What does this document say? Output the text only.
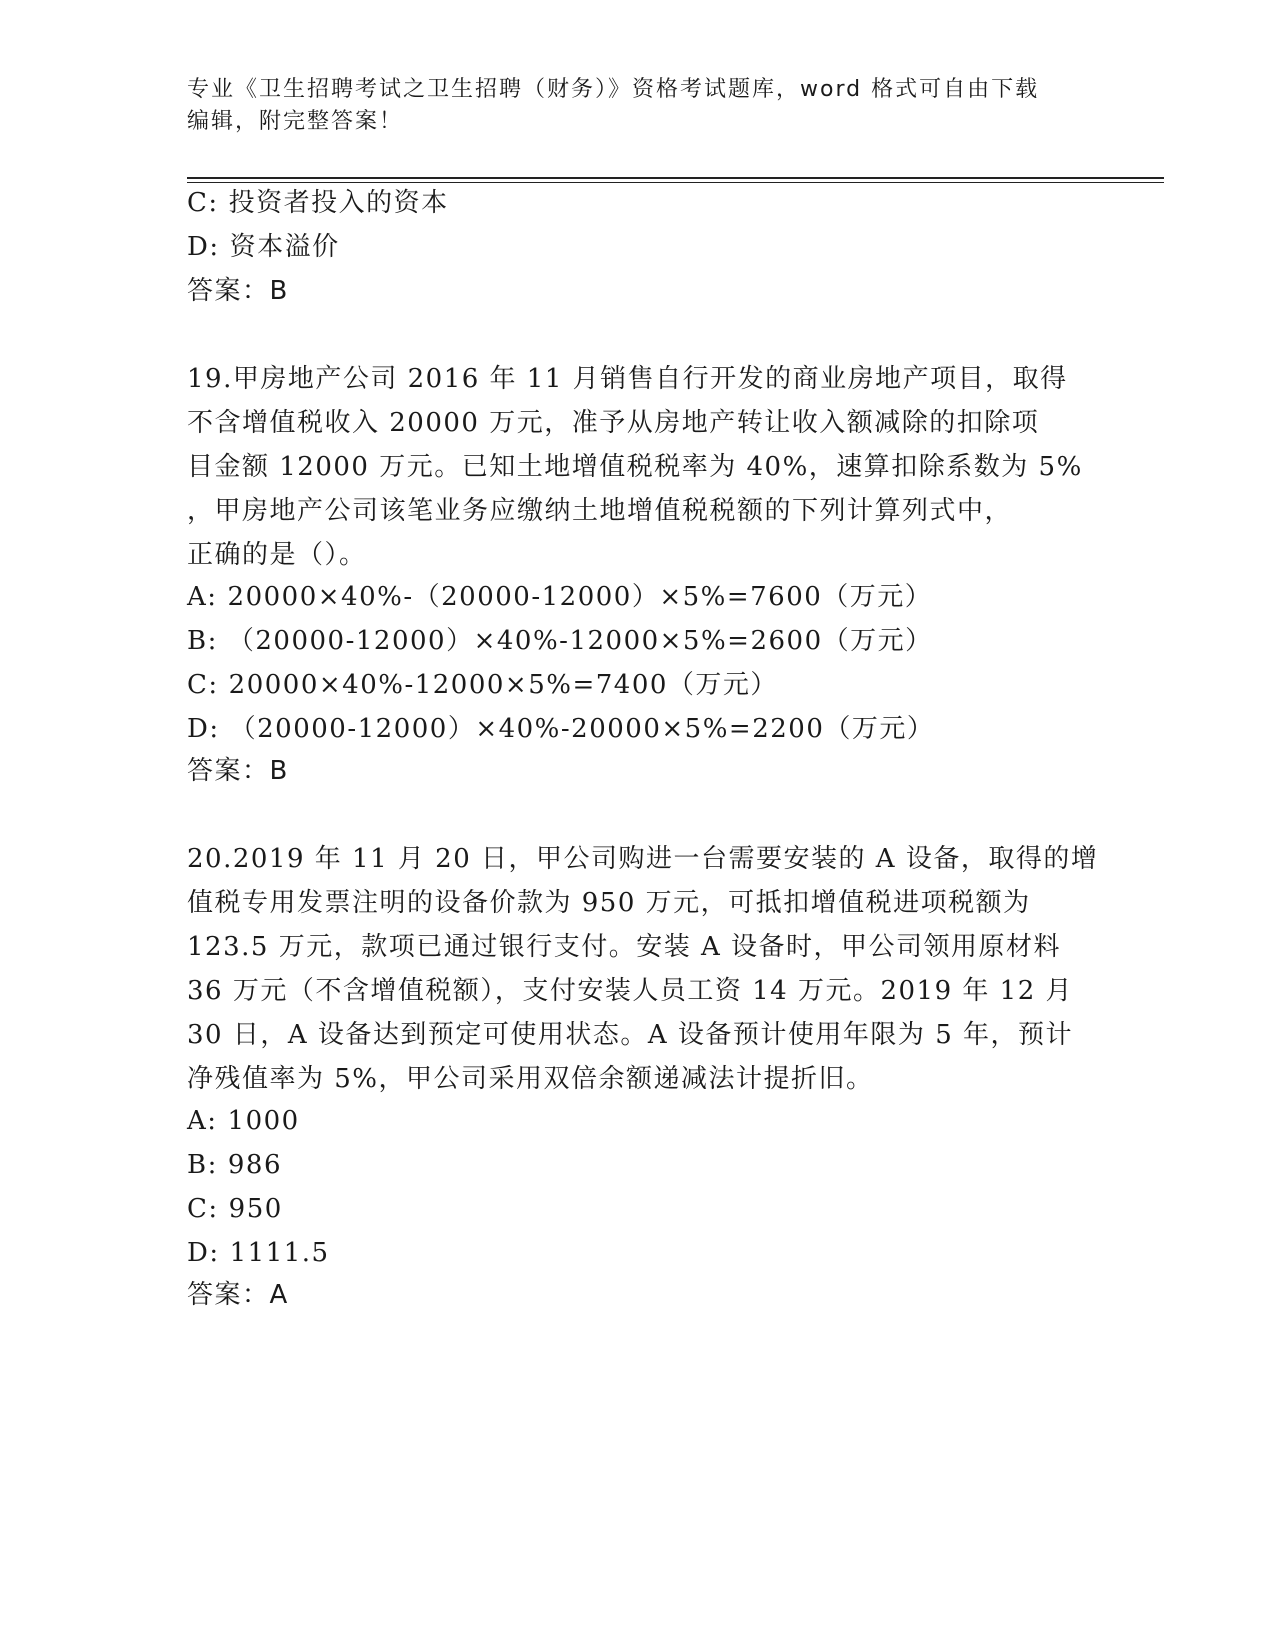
专业《卫生招聘考试之卫生招聘（财务）》资格考试题库，word 格式可自由下载
编辑，附完整答案！
C: 投资者投入的资本
D: 资本溢价
答案：B
19.甲房地产公司 2016 年 11 月销售自行开发的商业房地产项目，取得
不含增值税收入 20000 万元，准予从房地产转让收入额减除的扣除项
目金额 12000 万元。已知土地增值税税率为 40%，速算扣除系数为 5%
，甲房地产公司该笔业务应缴纳土地增值税税额的下列计算列式中，
正确的是（）。
A: 20000×40%-（20000-12000）×5%=7600（万元）
B: （20000-12000）×40%-12000×5%=2600（万元）
C: 20000×40%-12000×5%=7400（万元）
D: （20000-12000）×40%-20000×5%=2200（万元）
答案：B
20.2019 年 11 月 20 日，甲公司购进一台需要安装的 A 设备，取得的增
值税专用发票注明的设备价款为 950 万元，可抵扣增值税进项税额为
123.5 万元，款项已通过银行支付。安装 A 设备时，甲公司领用原材料
36 万元（不含增值税额），支付安装人员工资 14 万元。2019 年 12 月
30 日，A 设备达到预定可使用状态。A 设备预计使用年限为 5 年，预计
净残值率为 5%，甲公司采用双倍余额递减法计提折旧。
A: 1000
B: 986
C: 950
D: 1111.5
答案：A
